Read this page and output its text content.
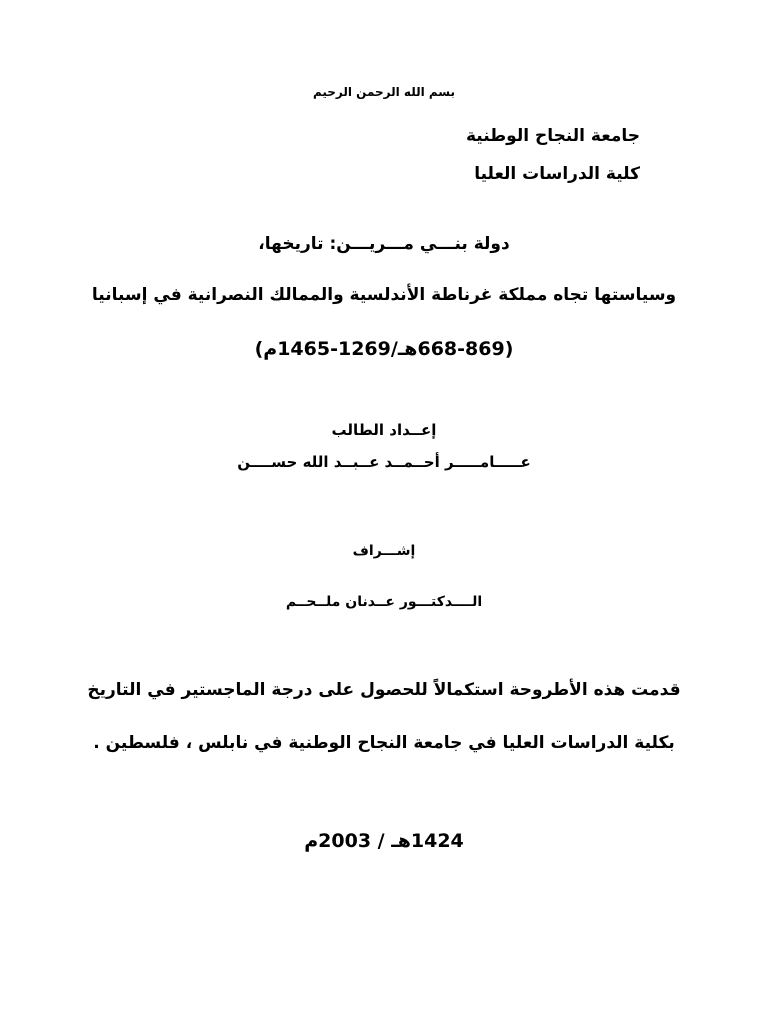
بسم الله الرحمن الرحيم
جامعة النجاح الوطنية
كلية الدراسات العليا
دولة بنـــي مـــريـــن: تاريخها،
وسياستها تجاه مملكة غرناطة الأندلسية والممالك النصرانية في إسبانيا
(668-869هـ/1269-1465م)
إعــداد الطالب
عـــــامـــــر أحــمــد عــبــد الله حســــن
إشـــراف
الــــدكتـــور عــدنان ملــحــم
قدمت هذه الأطروحة استكمالاً للحصول على درجة الماجستير في التاريخ
بكلية الدراسات العليا في جامعة النجاح الوطنية في نابلس ، فلسطين .
1424هـ / 2003م
